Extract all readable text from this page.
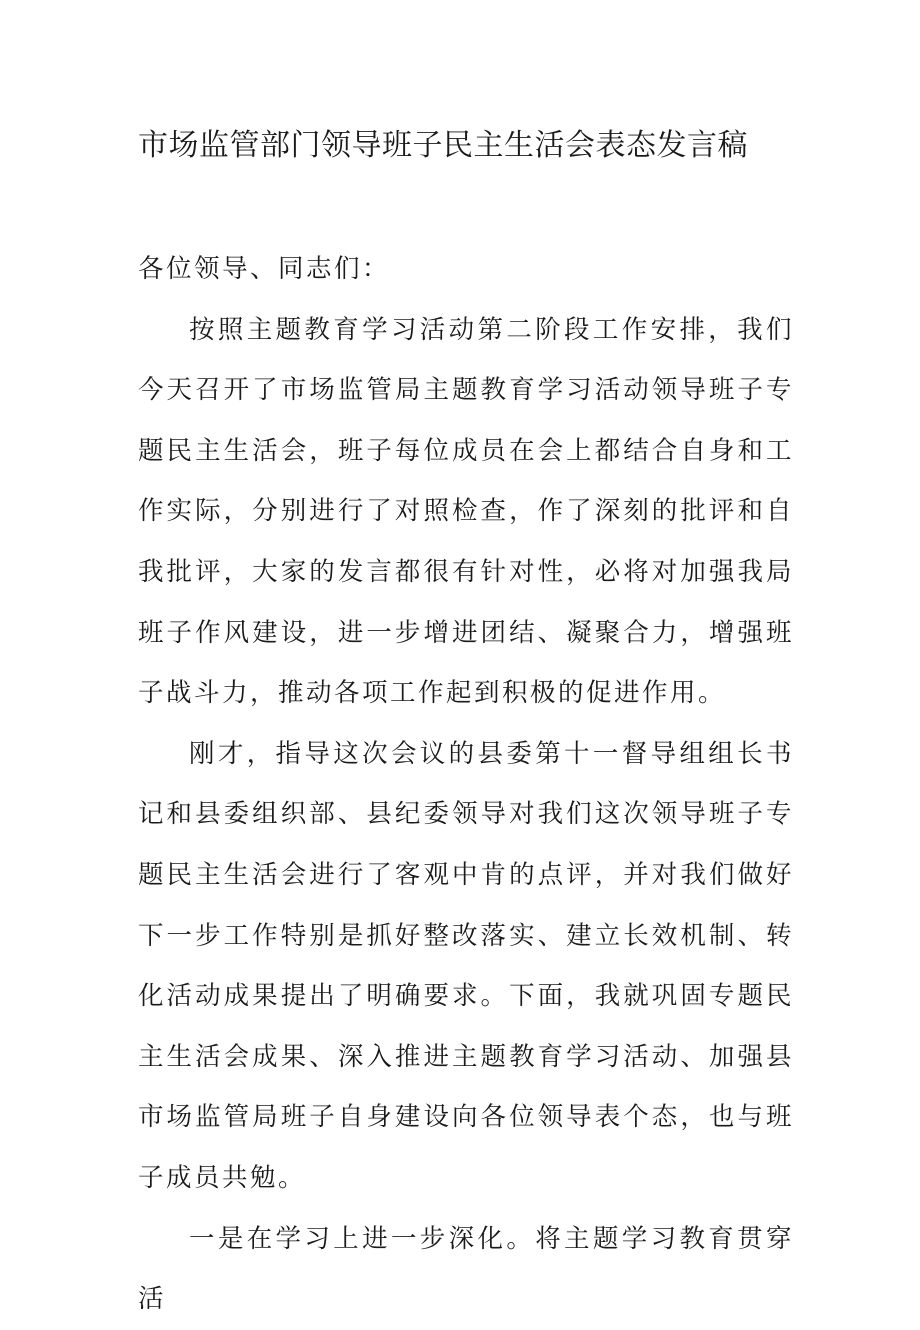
市场监管部门领导班子民主生活会表态发言稿

各位领导、同志们：

按照主题教育学习活动第二阶段工作安排，我们今天召开了市场监管局主题教育学习活动领导班子专题民主生活会，班子每位成员在会上都结合自身和工作实际，分别进行了对照检查，作了深刻的批评和自我批评，大家的发言都很有针对性，必将对加强我局班子作风建设，进一步增进团结、凝聚合力，增强班子战斗力，推动各项工作起到积极的促进作用。

刚才，指导这次会议的县委第十一督导组组长书记和县委组织部、县纪委领导对我们这次领导班子专题民主生活会进行了客观中肯的点评，并对我们做好下一步工作特别是抓好整改落实、建立长效机制、转化活动成果提出了明确要求。下面，我就巩固专题民主生活会成果、深入推进主题教育学习活动、加强县市场监管局班子自身建设向各位领导表个态，也与班子成员共勉。

一是在学习上进一步深化。将主题学习教育贯穿活
